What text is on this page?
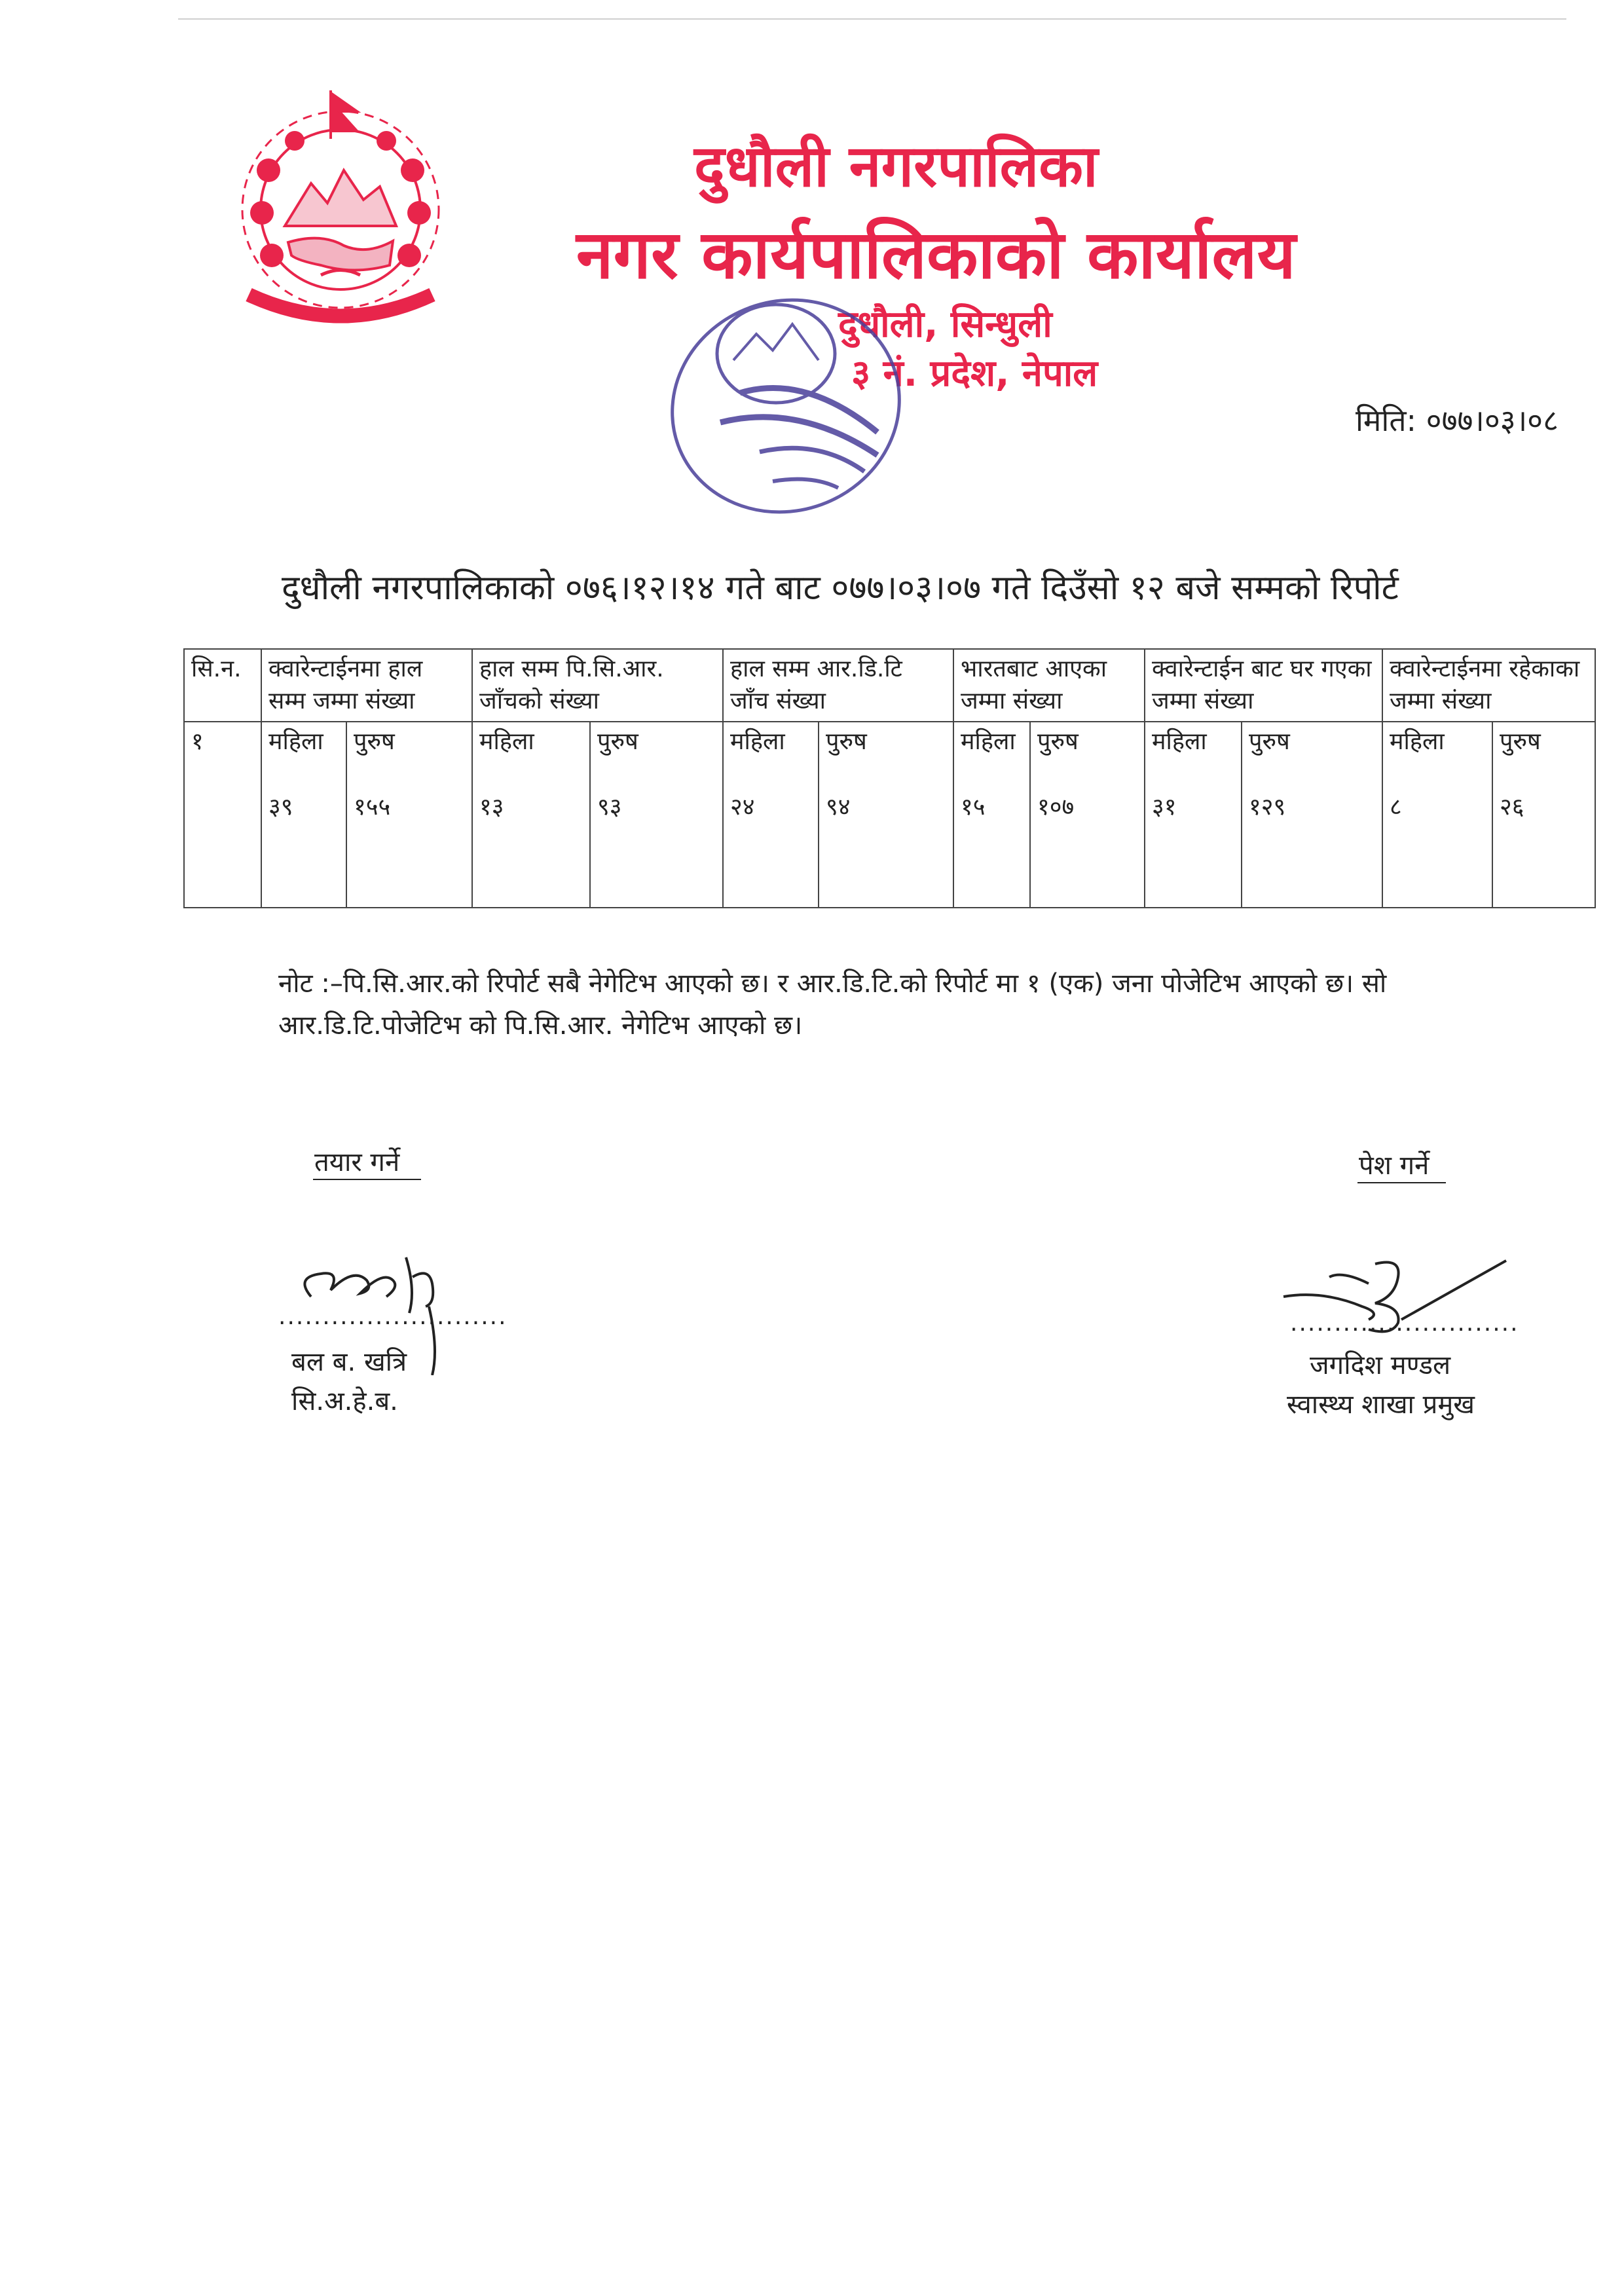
दुधौली नगरपालिका
नगर कार्यपालिकाको कार्यालय
दुधौली, सिन्धुली
३ नं. प्रदेश, नेपाल
मिति: ०७७।०३।०८
दुधौली नगरपालिकाको ०७६।१२।१४ गते बाट ०७७।०३।०७ गते दिउँसो १२ बजे सम्मको रिपोर्ट
सि.न.	क्वारेन्टाईनमा हाल सम्म जम्मा संख्या		हाल सम्म पि.सि.आर. जाँचको संख्या		हाल सम्म आर.डि.टि जाँच संख्या		भारतबाट आएका जम्मा संख्या		क्वारेन्टाईन बाट घर गएका जम्मा संख्या		क्वारेन्टाईनमा रहेकाका जम्मा संख्या	
१	महिला	पुरुष	महिला	पुरुष	महिला	पुरुष	महिला	पुरुष	महिला	पुरुष	महिला	पुरुष
	३९	१५५	१३	९३	२४	९४	१५	१०७	३१	१२९	८	२६
नोट :–पि.सि.आर.को रिपोर्ट सबै नेगेटिभ आएको छ। र आर.डि.टि.को रिपोर्ट मा १ (एक) जना पोजेटिभ आएको छ। सो आर.डि.टि.पोजेटिभ को पि.सि.आर. नेगेटिभ आएको छ।
तयार गर्ने	पेश गर्ने
..........................
बल ब. खत्रि
सि.अ.हे.ब.
..........................
जगदिश मण्डल
स्वास्थ्य शाखा प्रमुख
